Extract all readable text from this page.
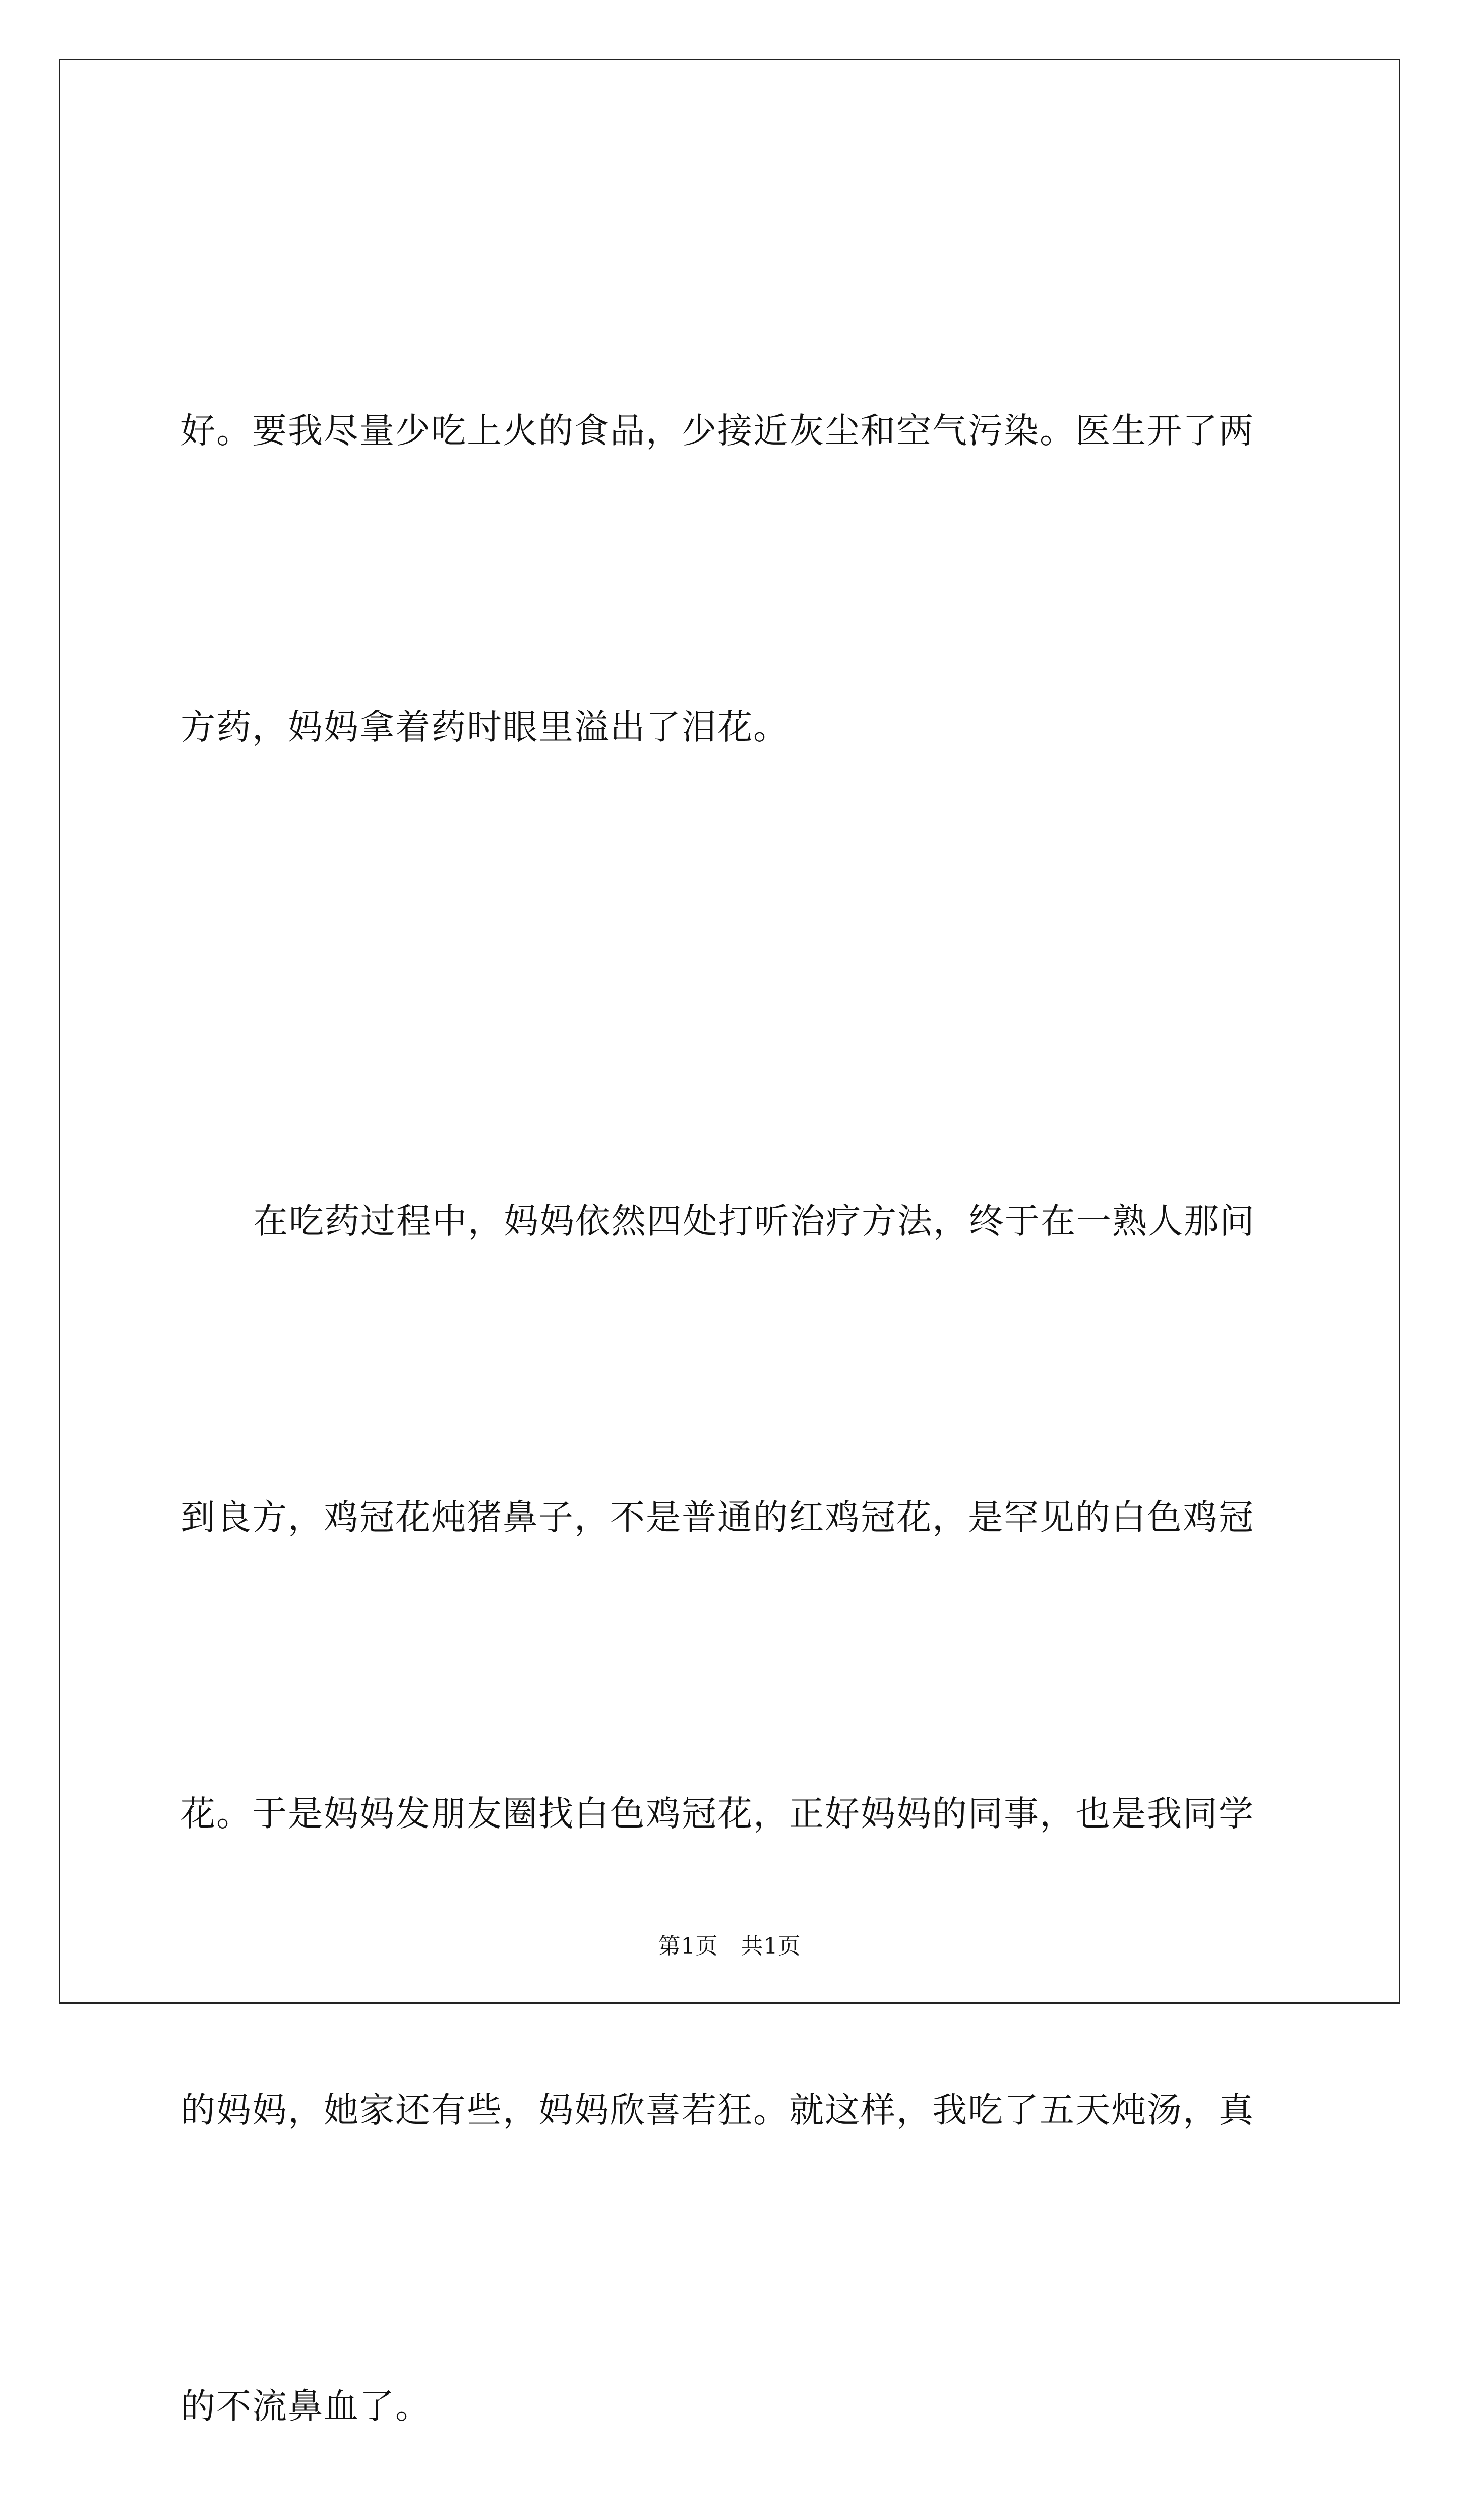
好。要我尽量少吃上火的食品，少接近灰尘和空气污染。医生开了两

方药，妈妈拿着药时眼里溢出了泪花。

在吃药过程中，妈妈依然四处打听治疗方法，终于在一熟人那问

到良方，鸡冠花炖猪鼻子，不是普通的红鸡冠花，是罕见的白色鸡冠

花。于是妈妈发朋友圈找白色鸡冠花，正好妈妈的同事，也是我同学

的妈妈，她家还有些，妈妈欣喜若狂。就这样，我吃了五天炖汤，真

的不流鼻血了。

第1页　共1页
